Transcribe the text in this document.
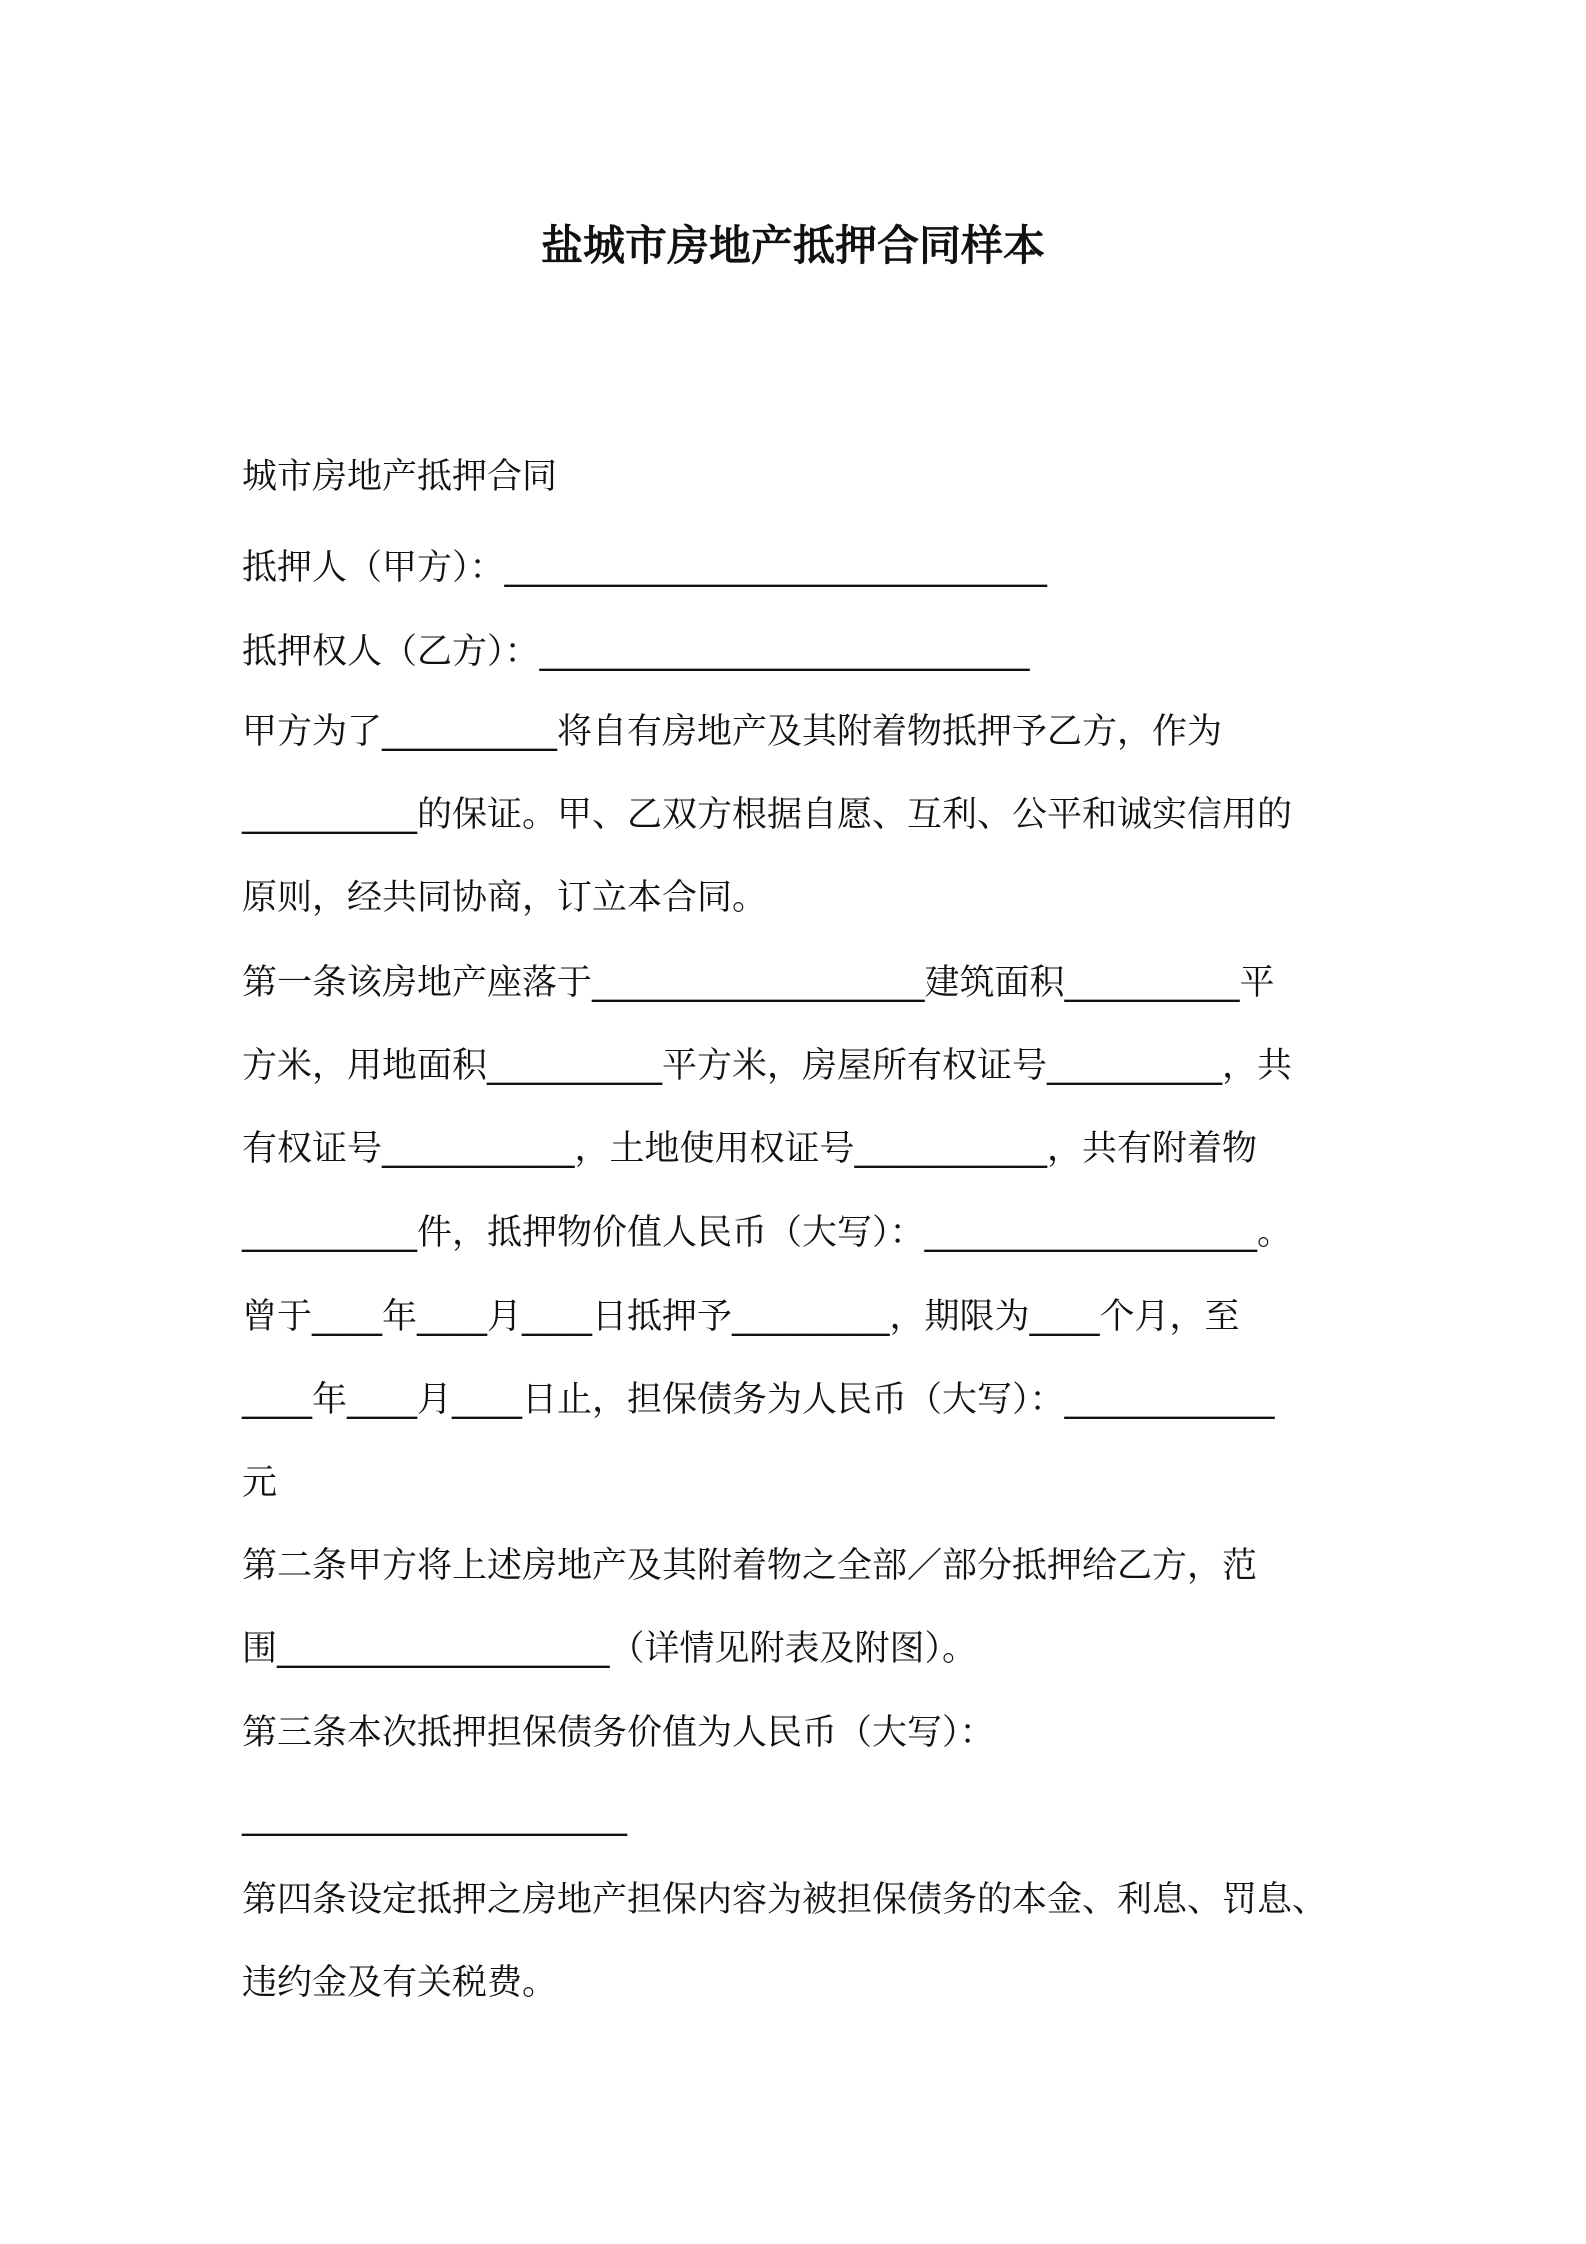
盐城市房地产抵押合同样本

城市房地产抵押合同

抵押人（甲方）：_______________________________

抵押权人（乙方）：____________________________

甲方为了__________将自有房地产及其附着物抵押予乙方，作为

__________的保证。甲、乙双方根据自愿、互利、公平和诚实信用的

原则，经共同协商，订立本合同。

第一条该房地产座落于___________________建筑面积__________平

方米，用地面积__________平方米，房屋所有权证号__________，共

有权证号___________，土地使用权证号___________，共有附着物

__________件，抵押物价值人民币（大写）：___________________。

曾于____年____月____日抵押予_________，期限为____个月，至

____年____月____日止，担保债务为人民币（大写）：____________

元

第二条甲方将上述房地产及其附着物之全部／部分抵押给乙方，范

围___________________（详情见附表及附图）。

第三条本次抵押担保债务价值为人民币（大写）：

______________________

第四条设定抵押之房地产担保内容为被担保债务的本金、利息、罚息、

违约金及有关税费。
